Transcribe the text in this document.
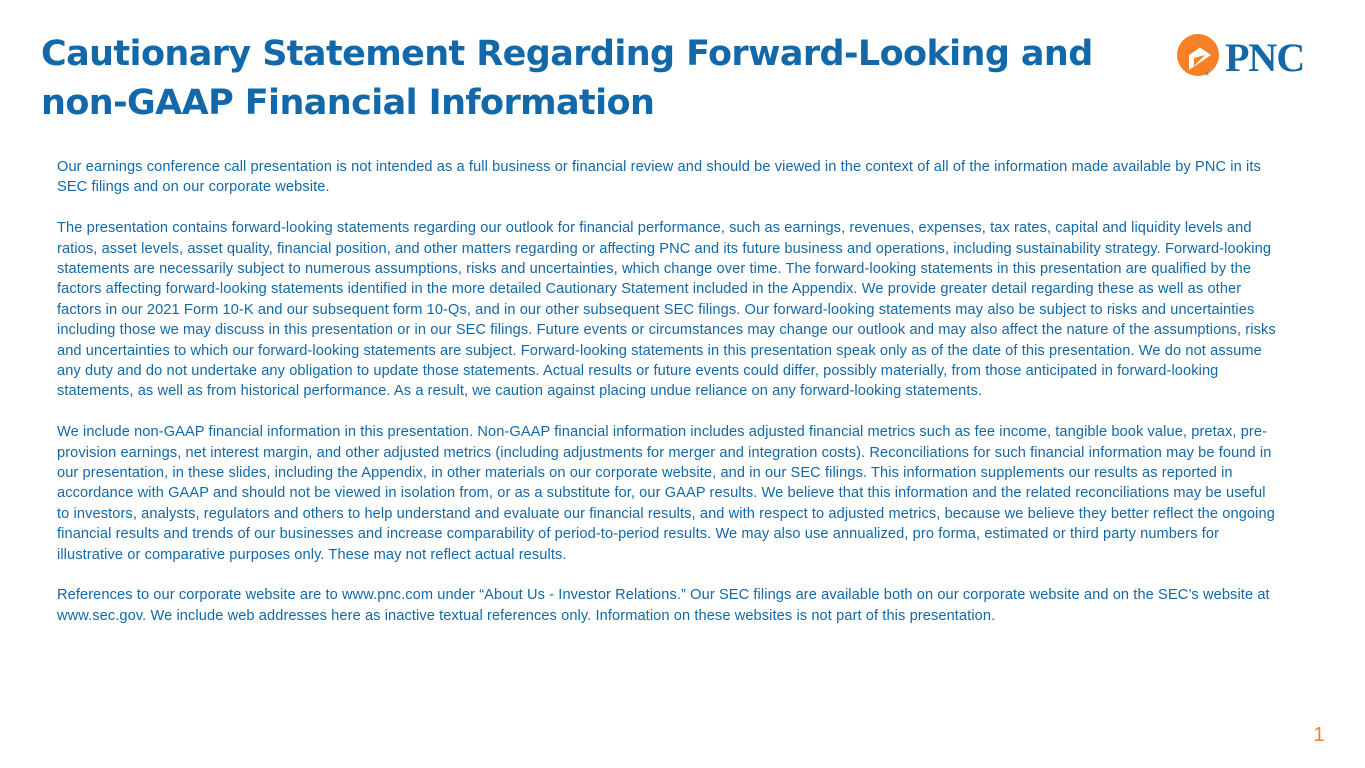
Cautionary Statement Regarding Forward-Looking and
non-GAAP Financial Information
® PNC

Our earnings conference call presentation is not intended as a full business or financial review and should be viewed in the context of all of the information made available by PNC in its SEC filings and on our corporate website.

The presentation contains forward-looking statements regarding our outlook for financial performance, such as earnings, revenues, expenses, tax rates, capital and liquidity levels and ratios, asset levels, asset quality, financial position, and other matters regarding or affecting PNC and its future business and operations, including sustainability strategy. Forward-looking statements are necessarily subject to numerous assumptions, risks and uncertainties, which change over time. The forward-looking statements in this presentation are qualified by the factors affecting forward-looking statements identified in the more detailed Cautionary Statement included in the Appendix. We provide greater detail regarding these as well as other factors in our 2021 Form 10-K and our subsequent form 10-Qs, and in our other subsequent SEC filings. Our forward-looking statements may also be subject to risks and uncertainties including those we may discuss in this presentation or in our SEC filings. Future events or circumstances may change our outlook and may also affect the nature of the assumptions, risks and uncertainties to which our forward-looking statements are subject. Forward-looking statements in this presentation speak only as of the date of this presentation. We do not assume any duty and do not undertake any obligation to update those statements. Actual results or future events could differ, possibly materially, from those anticipated in forward-looking statements, as well as from historical performance. As a result, we caution against placing undue reliance on any forward-looking statements.

We include non-GAAP financial information in this presentation. Non-GAAP financial information includes adjusted financial metrics such as fee income, tangible book value, pretax, pre-provision earnings, net interest margin, and other adjusted metrics (including adjustments for merger and integration costs). Reconciliations for such financial information may be found in our presentation, in these slides, including the Appendix, in other materials on our corporate website, and in our SEC filings. This information supplements our results as reported in accordance with GAAP and should not be viewed in isolation from, or as a substitute for, our GAAP results. We believe that this information and the related reconciliations may be useful to investors, analysts, regulators and others to help understand and evaluate our financial results, and with respect to adjusted metrics, because we believe they better reflect the ongoing financial results and trends of our businesses and increase comparability of period-to-period results. We may also use annualized, pro forma, estimated or third party numbers for illustrative or comparative purposes only. These may not reflect actual results.

References to our corporate website are to www.pnc.com under “About Us - Investor Relations.” Our SEC filings are available both on our corporate website and on the SEC’s website at www.sec.gov. We include web addresses here as inactive textual references only. Information on these websites is not part of this presentation.

1
